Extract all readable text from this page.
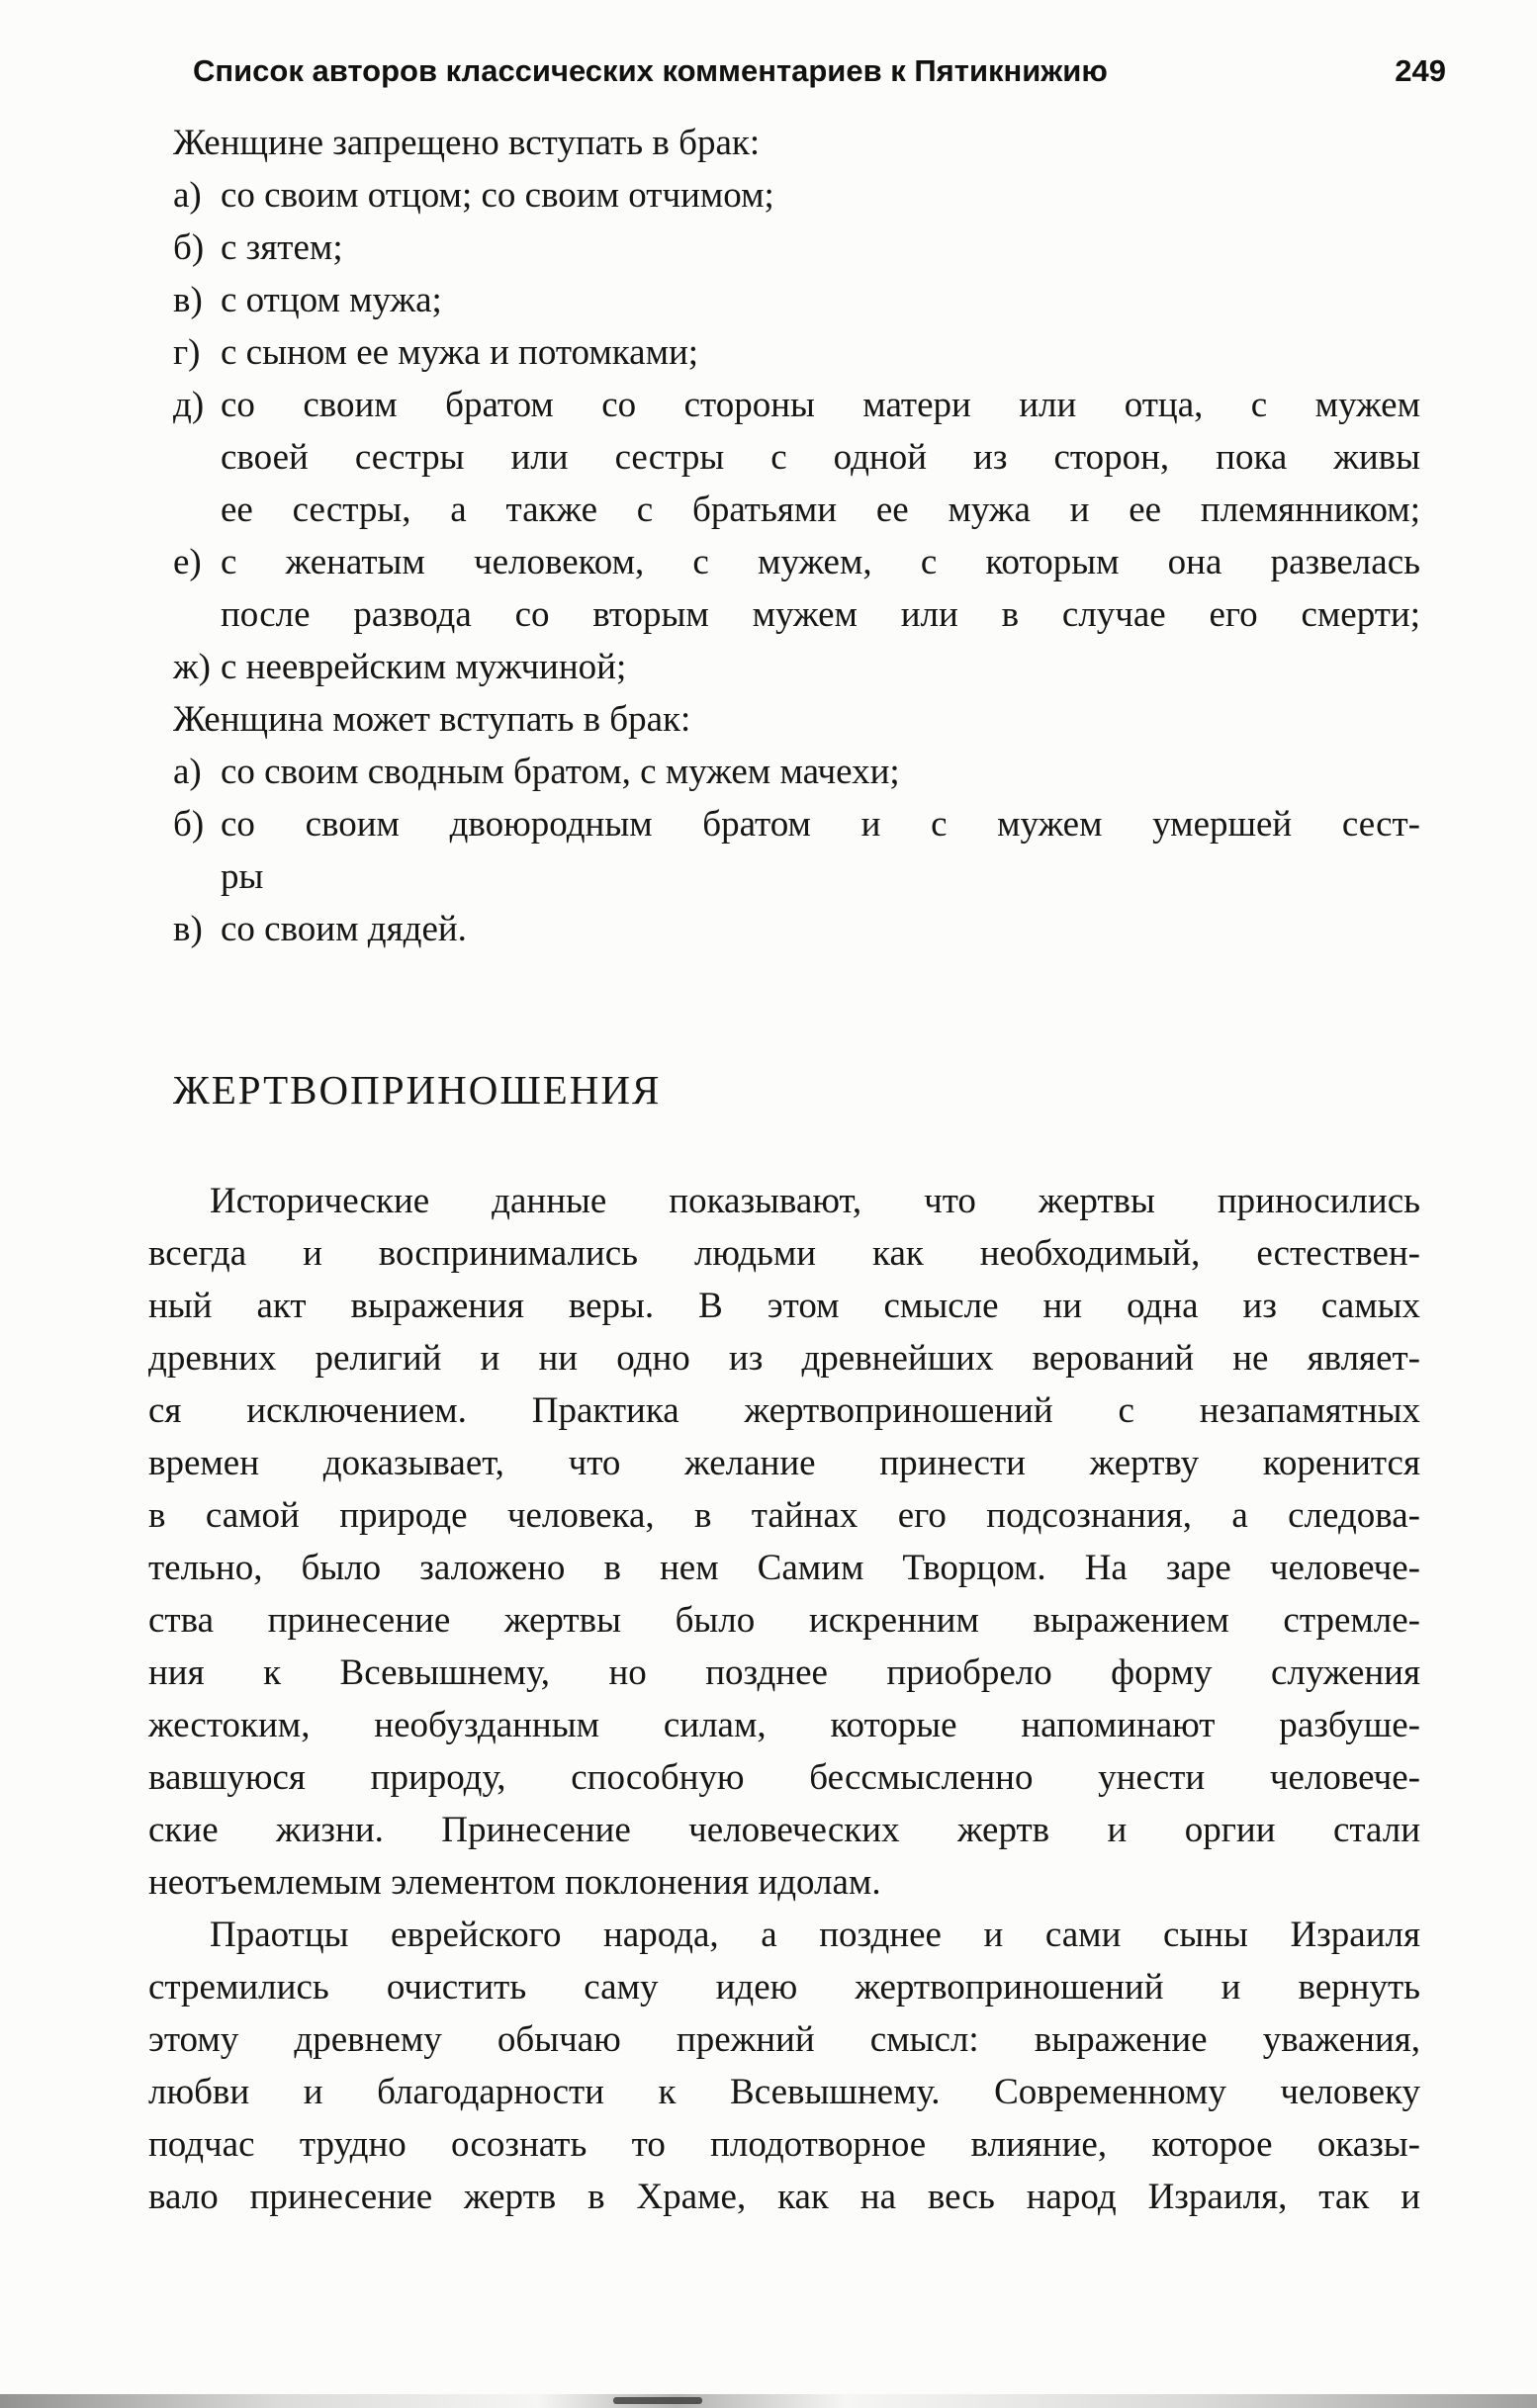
Список авторов классических комментариев к Пятикнижию	249
Женщине запрещено вступать в брак:
а) со своим отцом; со своим отчимом;
б) с зятем;
в) с отцом мужа;
г) с сыном ее мужа и потомками;
д) со своим братом со стороны матери или отца, с мужем
своей сестры или сестры с одной из сторон, пока живы
ее сестры, а также с братьями ее мужа и ее племянником;
е) с женатым человеком, с мужем, с которым она развелась
после развода со вторым мужем или в случае его смерти;
ж) с нееврейским мужчиной;
Женщина может вступать в брак:
а) со своим сводным братом, с мужем мачехи;
б) со своим двоюродным братом и с мужем умершей сест-
ры
в) со своим дядей.
ЖЕРТВОПРИНОШЕНИЯ
Исторические данные показывают, что жертвы приносились
всегда и воспринимались людьми как необходимый, естествен-
ный акт выражения веры. В этом смысле ни одна из самых
древних религий и ни одно из древнейших верований не являет-
ся исключением. Практика жертвоприношений с незапамятных
времен доказывает, что желание принести жертву коренится
в самой природе человека, в тайнах его подсознания, а следова-
тельно, было заложено в нем Самим Творцом. На заре человече-
ства принесение жертвы было искренним выражением стремле-
ния к Всевышнему, но позднее приобрело форму служения
жестоким, необузданным силам, которые напоминают разбуше-
вавшуюся природу, способную бессмысленно унести человече-
ские жизни. Принесение человеческих жертв и оргии стали
неотъемлемым элементом поклонения идолам.
Праотцы еврейского народа, а позднее и сами сыны Израиля
стремились очистить саму идею жертвоприношений и вернуть
этому древнему обычаю прежний смысл: выражение уважения,
любви и благодарности к Всевышнему. Современному человеку
подчас трудно осознать то плодотворное влияние, которое оказы-
вало принесение жертв в Храме, как на весь народ Израиля, так и
